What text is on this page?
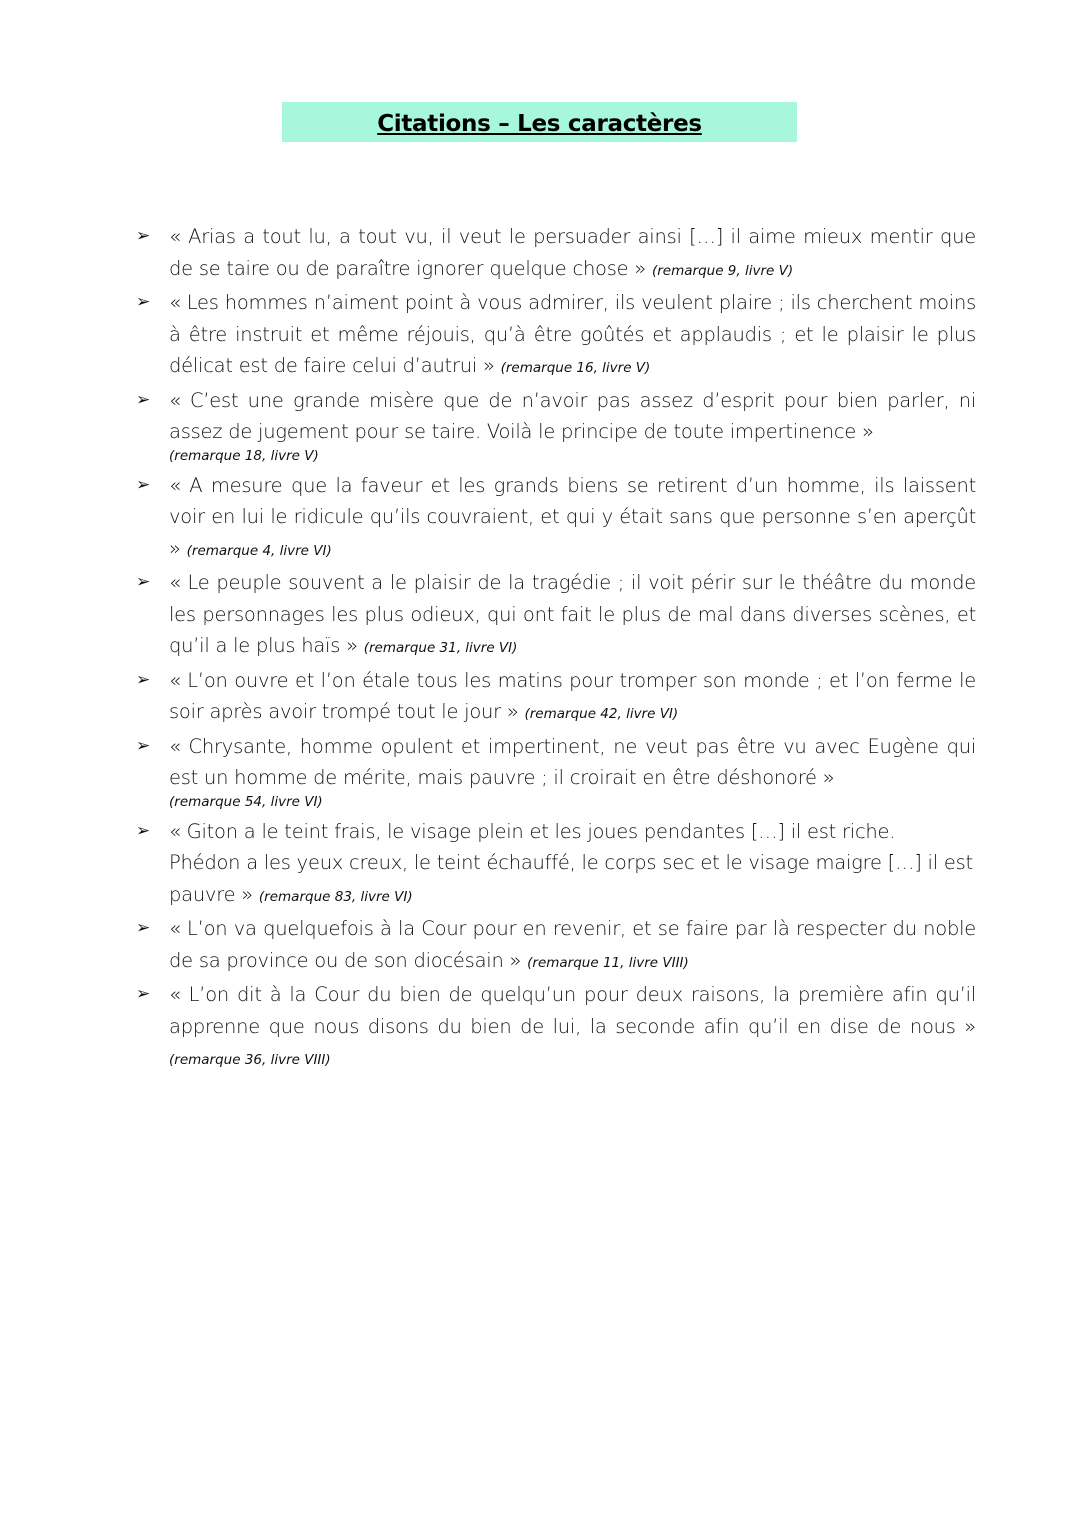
Citations – Les caractères
➢ « Arias a tout lu, a tout vu, il veut le persuader ainsi […] il aime mieux mentir que de se taire ou de paraître ignorer quelque chose » (remarque 9, livre V)
➢ « Les hommes n’aiment point à vous admirer, ils veulent plaire ; ils cherchent moins à être instruit et même réjouis, qu’à être goûtés et applaudis ; et le plaisir le plus délicat est de faire celui d’autrui » (remarque 16, livre V)
➢ « C’est une grande misère que de n’avoir pas assez d’esprit pour bien parler, ni assez de jugement pour se taire. Voilà le principe de toute impertinence »
(remarque 18, livre V)
➢ « A mesure que la faveur et les grands biens se retirent d’un homme, ils laissent voir en lui le ridicule qu’ils couvraient, et qui y était sans que personne s’en aperçût » (remarque 4, livre VI)
➢ « Le peuple souvent a le plaisir de la tragédie ; il voit périr sur le théâtre du monde les personnages les plus odieux, qui ont fait le plus de mal dans diverses scènes, et qu’il a le plus haïs » (remarque 31, livre VI)
➢ « L’on ouvre et l’on étale tous les matins pour tromper son monde ; et l’on ferme le soir après avoir trompé tout le jour » (remarque 42, livre VI)
➢ « Chrysante, homme opulent et impertinent, ne veut pas être vu avec Eugène qui est un homme de mérite, mais pauvre ; il croirait en être déshonoré »
(remarque 54, livre VI)
➢ « Giton a le teint frais, le visage plein et les joues pendantes […] il est riche.
Phédon a les yeux creux, le teint échauffé, le corps sec et le visage maigre […] il est pauvre » (remarque 83, livre VI)
➢ « L’on va quelquefois à la Cour pour en revenir, et se faire par là respecter du noble de sa province ou de son diocésain » (remarque 11, livre VIII)
➢ « L’on dit à la Cour du bien de quelqu’un pour deux raisons, la première afin qu’il apprenne que nous disons du bien de lui, la seconde afin qu’il en dise de nous » (remarque 36, livre VIII)
